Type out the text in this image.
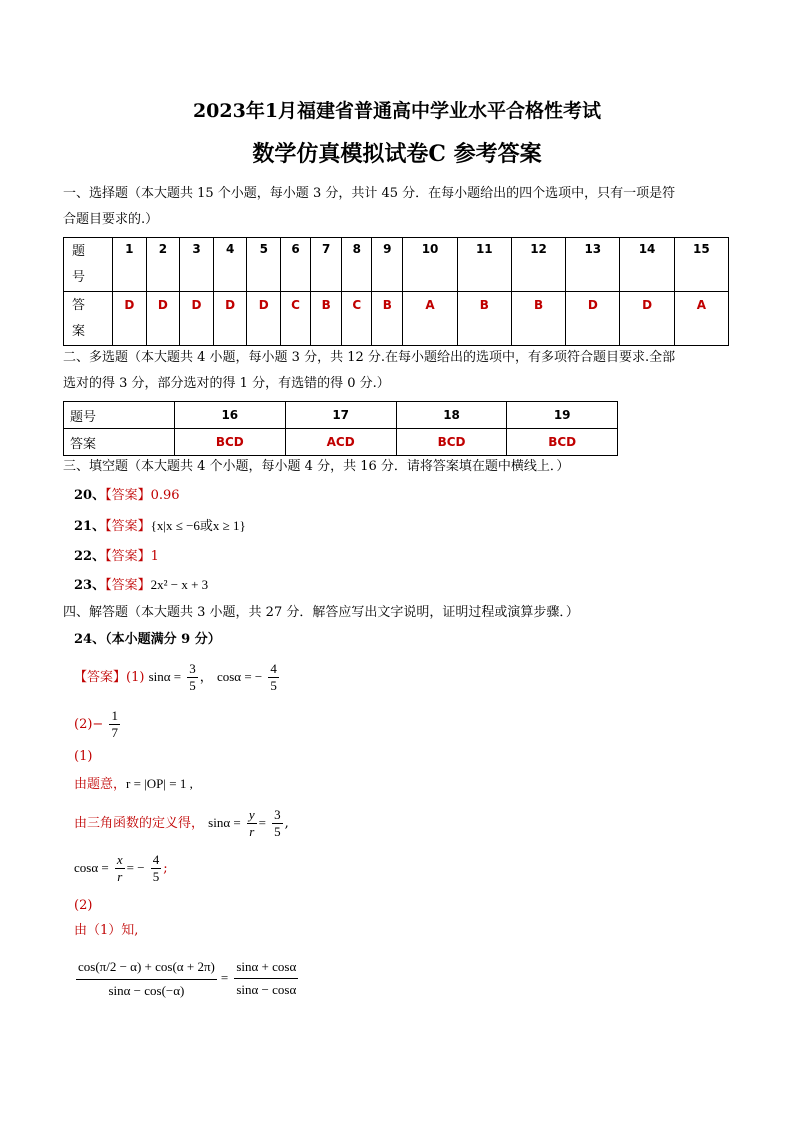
2023年1月福建省普通高中学业水平合格性考试
数学仿真模拟试卷C 参考答案
一、选择题（本大题共 15 个小题，每小题 3 分，共计 45 分．在每小题给出的四个选项中，只有一项是符
合题目要求的.）
题
号	1	2	3	4	5	6	7	8	9	10	11	12	13	14	15
答
案	D	D	D	D	D	C	B	C	B	A	B	B	D	D	A
二、多选题（本大题共 4 小题，每小题 3 分，共 12 分.在每小题给出的选项中，有多项符合题目要求.全部
选对的得 3 分，部分选对的得 1 分，有选错的得 0 分.）
题号	16	17	18	19
答案	BCD	ACD	BCD	BCD
三、填空题（本大题共 4 个小题，每小题 4 分，共 16 分．请将答案填在题中横线上．）
20、【答案】0.96
21、【答案】{x|x ≤ −6或x ≥ 1}
22、【答案】1
23、【答案】2x² − x + 3
四、解答题（本大题共 3 小题，共 27 分．解答应写出文字说明，证明过程或演算步骤．）
24、（本小题满分 9 分）
【答案】(1) $\sin\alpha = \frac{3}{5}$ ， cosα = − $\frac{4}{5}$
$(2)- \frac{1}{7}$
(1)
由题意，r = |OP| = 1 ,
由三角函数的定义得， $\sin\alpha = \frac{y}{r} = \frac{3}{5}$ ,
$\cos\alpha = \frac{x}{r}$ = − $\frac{4}{5}$ ;
(2)
由（1）知,
$\frac{\cos(\pi/2 - \alpha) + \cos(\alpha + 2\pi)}{\sin\alpha - \cos(-\alpha)} = \frac{\sin\alpha + \cos\alpha}{\sin\alpha - \cos\alpha}$
